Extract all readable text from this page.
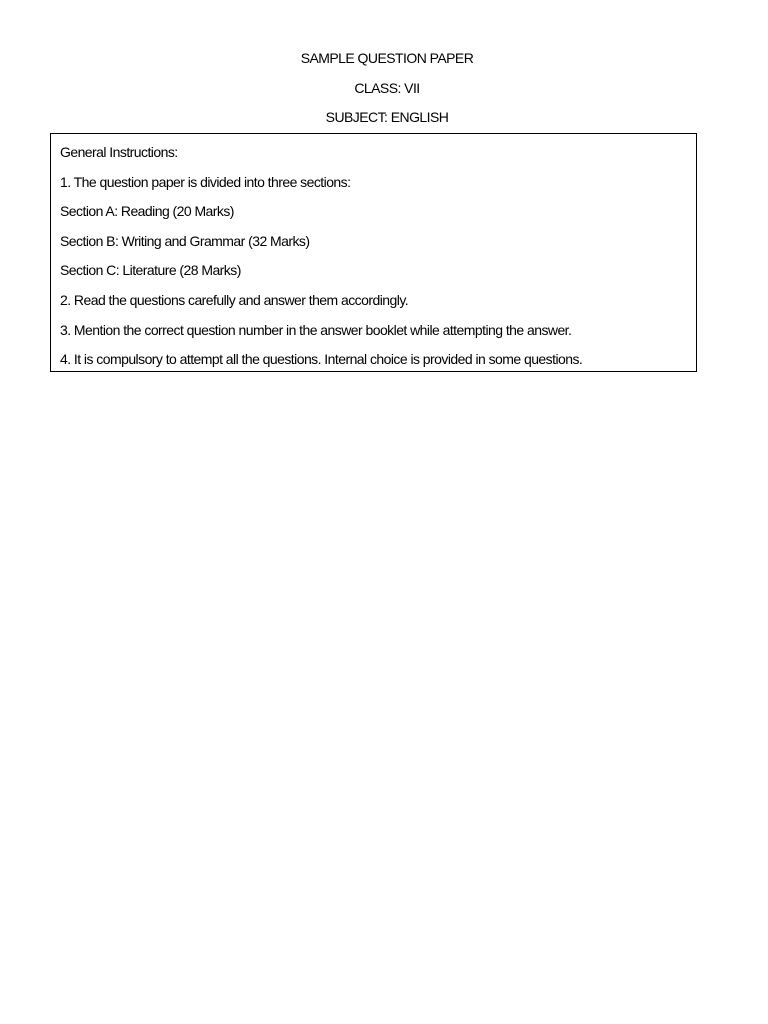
SAMPLE QUESTION PAPER
CLASS: VII
SUBJECT: ENGLISH
General Instructions:
1. The question paper is divided into three sections:
Section A: Reading (20 Marks)
Section B: Writing and Grammar (32 Marks)
Section C: Literature (28 Marks)
2. Read the questions carefully and answer them accordingly.
3. Mention the correct question number in the answer booklet while attempting the answer.
4. It is compulsory to attempt all the questions. Internal choice is provided in some questions.
